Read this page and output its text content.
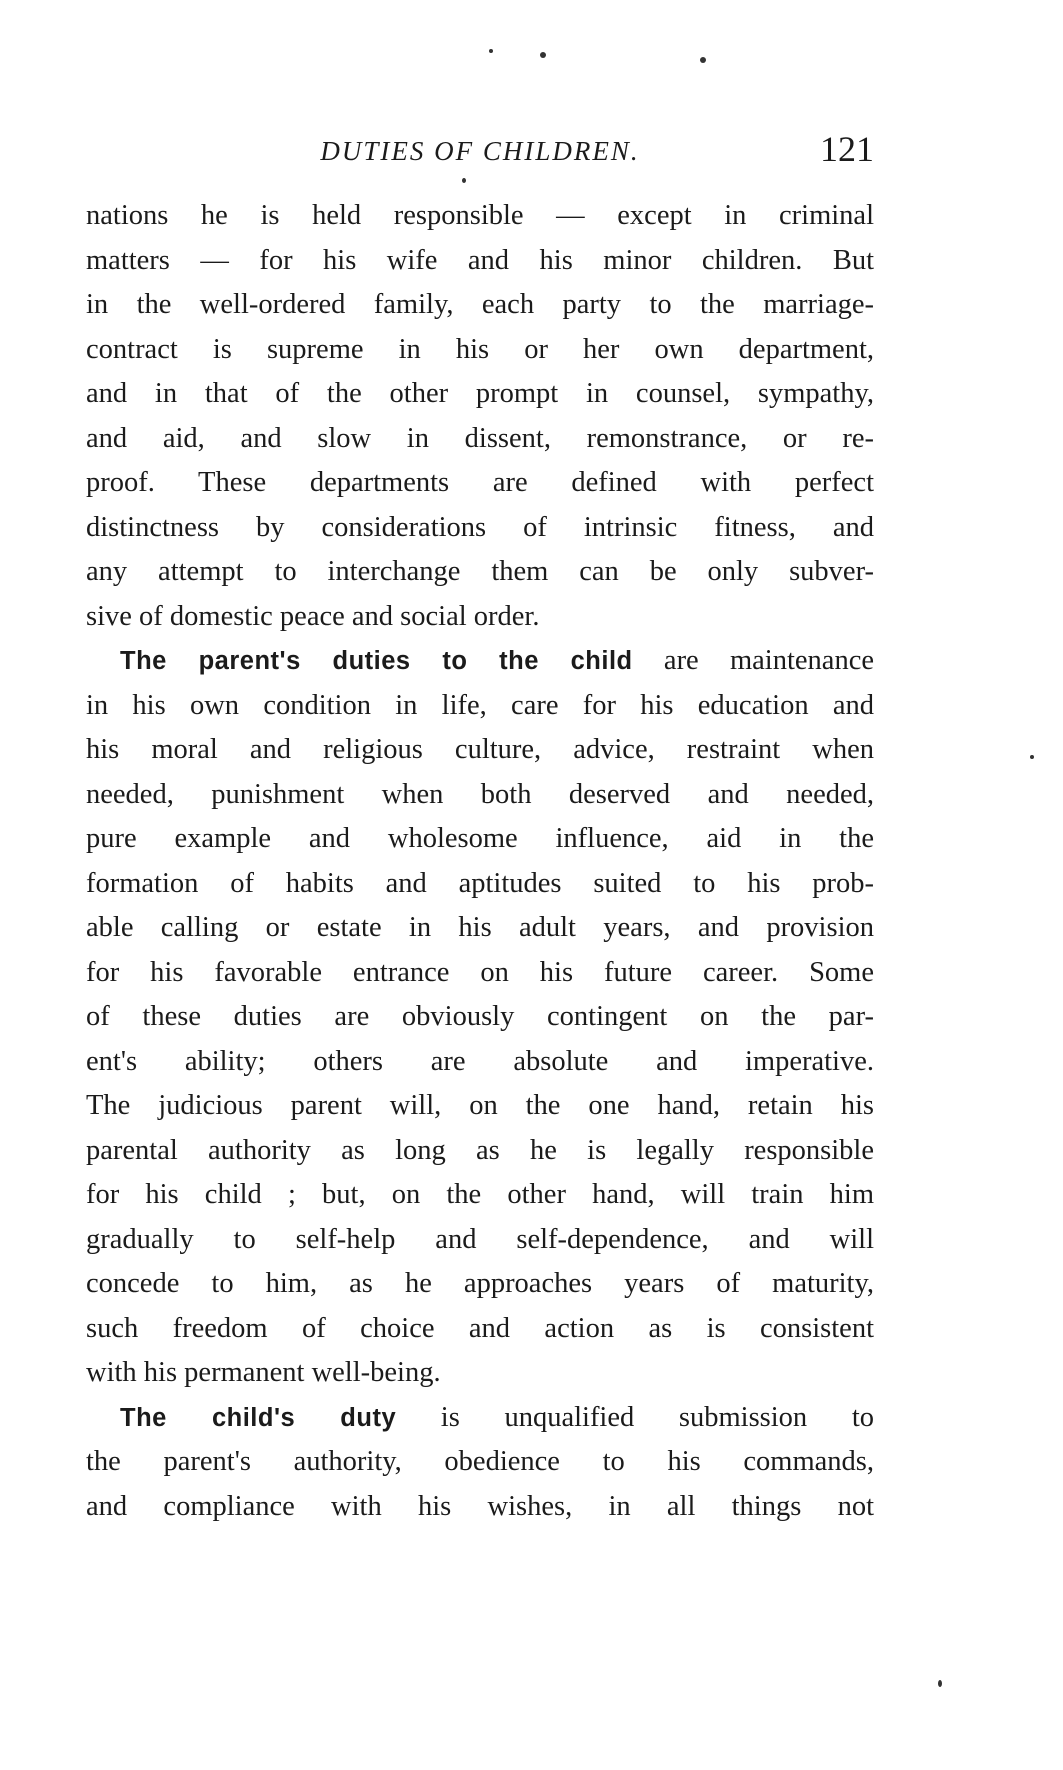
DUTIES OF CHILDREN.	121
nations he is held responsible — except in criminal
matters — for his wife and his minor children. But
in the well-ordered family, each party to the marriage-
contract is supreme in his or her own department,
and in that of the other prompt in counsel, sympathy,
and aid, and slow in dissent, remonstrance, or re-
proof. These departments are defined with perfect
distinctness by considerations of intrinsic fitness, and
any attempt to interchange them can be only subver-
sive of domestic peace and social order.
The parent's duties to the child are maintenance
in his own condition in life, care for his education and
his moral and religious culture, advice, restraint when
needed, punishment when both deserved and needed,
pure example and wholesome influence, aid in the
formation of habits and aptitudes suited to his prob-
able calling or estate in his adult years, and provision
for his favorable entrance on his future career. Some
of these duties are obviously contingent on the par-
ent's ability; others are absolute and imperative.
The judicious parent will, on the one hand, retain his
parental authority as long as he is legally responsible
for his child ; but, on the other hand, will train him
gradually to self-help and self-dependence, and will
concede to him, as he approaches years of maturity,
such freedom of choice and action as is consistent
with his permanent well-being.
The child's duty is unqualified submission to
the parent's authority, obedience to his commands,
and compliance with his wishes, in all things not
